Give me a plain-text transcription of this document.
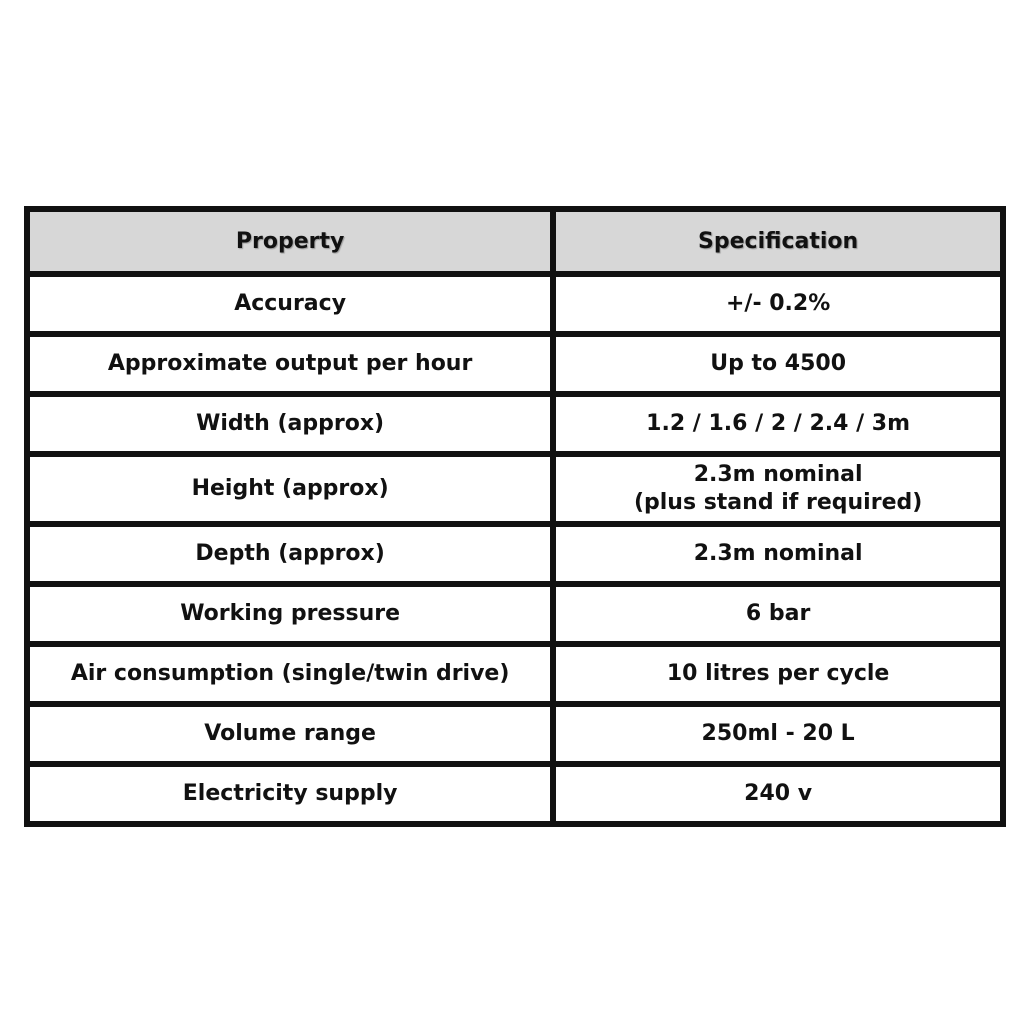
Property	Specification
Accuracy	+/- 0.2%
Approximate output per hour	Up to 4500
Width (approx)	1.2 / 1.6 / 2 / 2.4 / 3m
Height (approx)	2.3m nominal
(plus stand if required)

Depth (approx)	2.3m nominal
Working pressure	6 bar
Air consumption (single/twin drive)	10 litres per cycle
Volume range	250ml - 20 L
Electricity supply	240 v
